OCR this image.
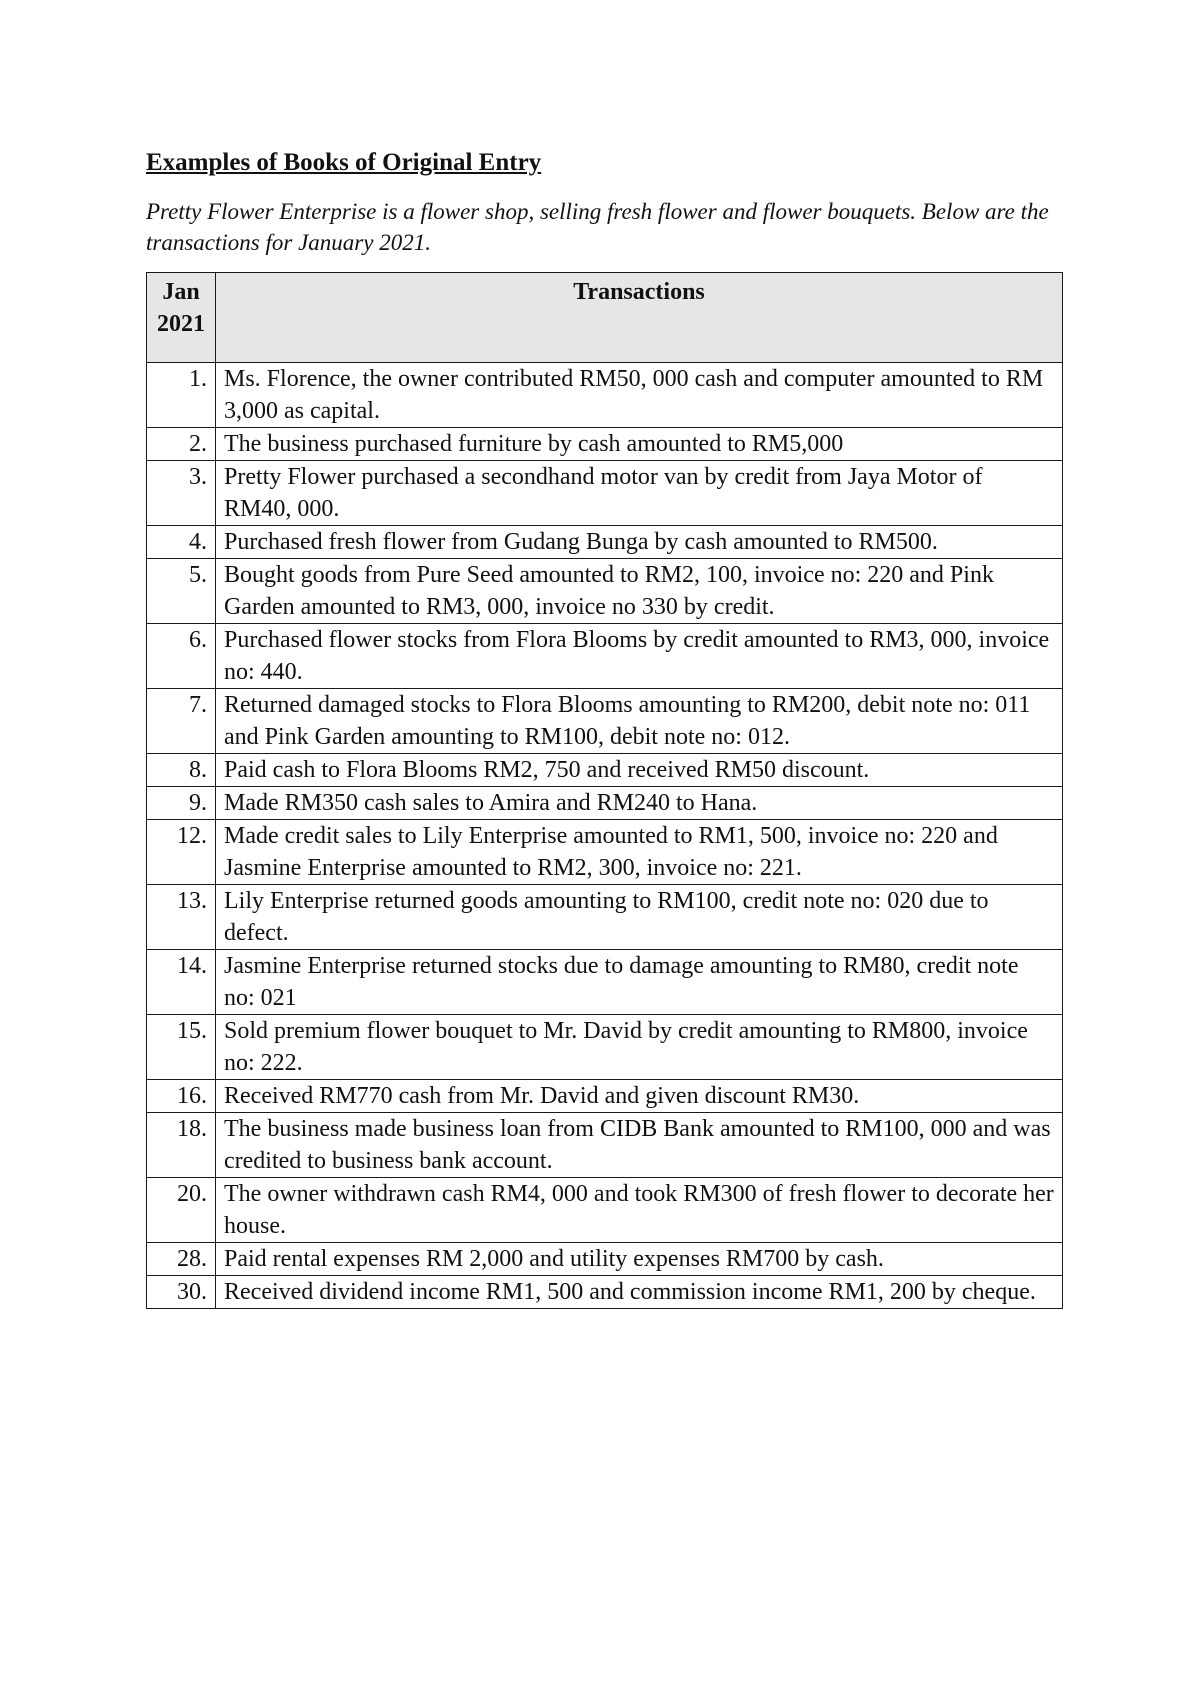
Examples of Books of Original Entry

Pretty Flower Enterprise is a flower shop, selling fresh flower and flower bouquets. Below are the transactions for January 2021.

Jan
2021	Transactions
1.	Ms. Florence, the owner contributed RM50, 000 cash and computer amounted to RM 3,000 as capital.
2.	The business purchased furniture by cash amounted to RM5,000
3.	Pretty Flower purchased a secondhand motor van by credit from Jaya Motor of RM40, 000.
4.	Purchased fresh flower from Gudang Bunga by cash amounted to RM500.
5.	Bought goods from Pure Seed amounted to RM2, 100, invoice no: 220 and Pink Garden amounted to RM3, 000, invoice no 330 by credit.
6.	Purchased flower stocks from Flora Blooms by credit amounted to RM3, 000, invoice no: 440.
7.	Returned damaged stocks to Flora Blooms amounting to RM200, debit note no: 011 and Pink Garden amounting to RM100, debit note no: 012.
8.	Paid cash to Flora Blooms RM2, 750 and received RM50 discount.
9.	Made RM350 cash sales to Amira and RM240 to Hana.
12.	Made credit sales to Lily Enterprise amounted to RM1, 500, invoice no: 220 and Jasmine Enterprise amounted to RM2, 300, invoice no: 221.
13.	Lily Enterprise returned goods amounting to RM100, credit note no: 020 due to defect.
14.	Jasmine Enterprise returned stocks due to damage amounting to RM80, credit note no: 021
15.	Sold premium flower bouquet to Mr. David by credit amounting to RM800, invoice no: 222.
16.	Received RM770 cash from Mr. David and given discount RM30.
18.	The business made business loan from CIDB Bank amounted to RM100, 000 and was credited to business bank account.
20.	The owner withdrawn cash RM4, 000 and took RM300 of fresh flower to decorate her house.
28.	Paid rental expenses RM 2,000 and utility expenses RM700 by cash.
30.	Received dividend income RM1, 500 and commission income RM1, 200 by cheque.
